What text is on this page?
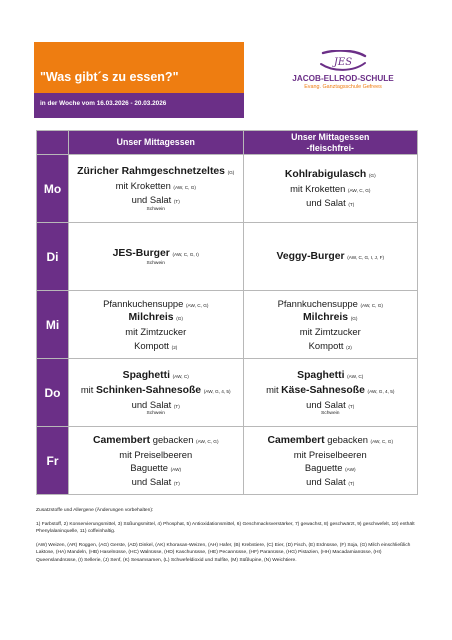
"Was gibt´s zu essen?"
in der Woche vom 16.03.2026 - 20.03.2026
JES
JACOB-ELLROD-SCHULE
Evang. Ganztagsschule Gefrees
	Unser Mittagessen	Unser Mittagessen
-fleischfrei-
Mo	Züricher Rahmgeschnetzeltes (G)
mit Kroketten (AW, C, G)
und Salat (T)
Schwein	Kohlrabigulasch (G)
mit Kroketten (AW, C, G)
und Salat (T)
Di	JES-Burger (AW, C, G, I)
Schwein	Veggy-Burger (AW, C, G, I, J, F)
Mi	Pfannkuchensuppe (AW, C, G)
Milchreis (G)
mit Zimtzucker
Kompott (2)	Pfannkuchensuppe (AW, C, G)
Milchreis (G)
mit Zimtzucker
Kompott (2)
Do	Spaghetti (AW, C)
mit Schinken-Sahnesoße (AW, G, 4, 5)
und Salat (T)
Schwein	Spaghetti (AW, C)
mit Käse-Sahnesoße (AW, G, 4, 5)
und Salat (T)
Schwein

Fr	Camembert gebacken (AW, C, G)
mit Preiselbeeren
Baguette (AW)
und Salat (T)	Camembert gebacken (AW, C, G)
mit Preiselbeeren
Baguette (AW)
und Salat (T)

Zusatzstoffe und Allergene (Änderungen vorbehalten):

1) Farbstoff, 2) Konservierungsmittel, 3) Süßungsmittel, 4) Phosphat, 5) Antioxidationsmittel, 6) Geschmacksverstärker, 7) gewachst, 8) geschwärzt, 9) geschwefelt, 10) enthält Phenylalaninquelle, 11) coffeinhaltig.

(AW) Weizen, (AR) Roggen, (AG) Gerste, (AD) Dinkel, (AK) Khorasan-Weizen, (AH) Hafer, (B) Krebstiere, (C) Eier, (D) Fisch, (E) Erdnüsse, (F) Soja, (G) Milch einschließlich Laktose, (HA) Mandeln, (HB) Haselnüsse, (HC) Walnüsse, (HD) Kaschunüsse, (HE) Pecannüsse, (HF) Paranüsse, (HG) Pistazien, (HH) Macadamianüsse, (HI) Queenslandnüsse, (I) Sellerie, (J) Senf, (K) Sesamsamen, (L) Schwefeldioxid und Sulfite, (M) Süßlupine, (N) Weichtiere.
